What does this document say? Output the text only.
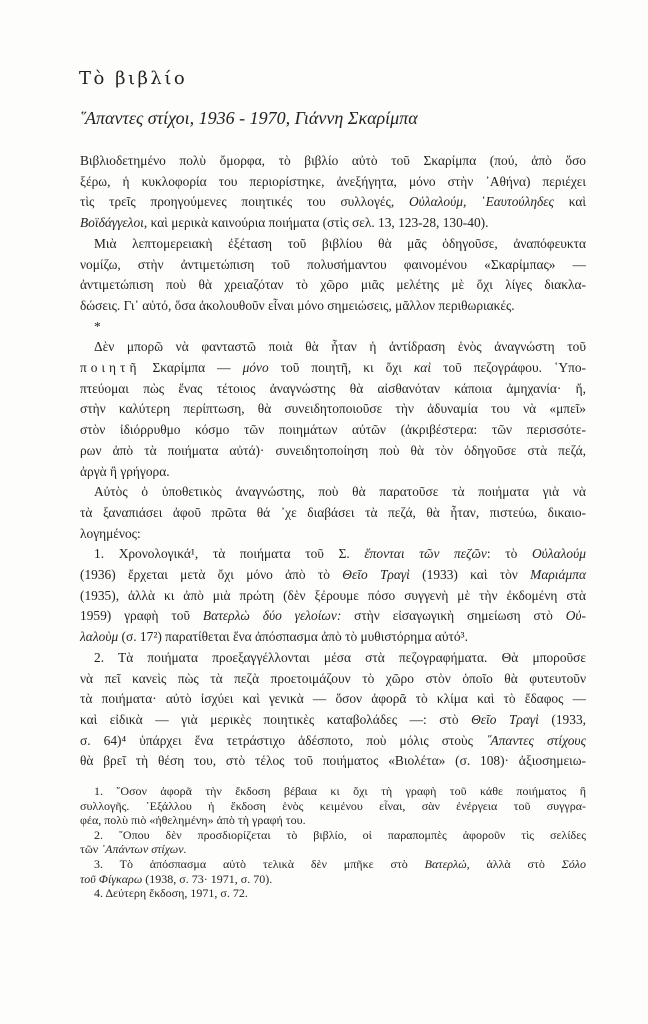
Τὸ βιβλίο
῞Απαντες στίχοι, 1936 - 1970, Γιάννη Σκαρίμπα
Βιβλιοδετημένο πολὺ ὄμορφα, τὸ βιβλίο αὐτὸ τοῦ Σκαρίμπα (πού, ἀπὸ ὅσο
ξέρω, ἡ κυκλοφορία του περιορίστηκε, ἀνεξήγητα, μόνο στὴν ᾿Αθήνα) περιέχει
τὶς τρεῖς προηγούμενες ποιητικές του συλλογές, Οὐλαλούμ, ῾Εαυτούληδες καὶ
Βοϊδάγγελοι, καὶ μερικὰ καινούρια ποιήματα (στὶς σελ. 13, 123-28, 130-40).
Μιὰ λεπτομερειακὴ ἐξέταση τοῦ βιβλίου θὰ μᾶς ὁδηγοῦσε, ἀναπόφευκτα
νομίζω, στὴν ἀντιμετώπιση τοῦ πολυσήμαντου φαινομένου «Σκαρίμπας» —
ἀντιμετώπιση ποὺ θὰ χρειαζόταν τὸ χῶρο μιᾶς μελέτης μὲ ὄχι λίγες διακλα-
δώσεις. Γι᾿ αὐτό, ὅσα ἀκολουθοῦν εἶναι μόνο σημειώσεις, μᾶλλον περιθωριακές.
*
Δὲν μπορῶ νὰ φανταστῶ ποιὰ θὰ ἦταν ἡ ἀντίδραση ἑνὸς ἀναγνώστη τοῦ
ποιητῆ Σκαρίμπα — μόνο τοῦ ποιητῆ, κι ὄχι καὶ τοῦ πεζογράφου. ῾Υπο-
πτεύομαι πὼς ἕνας τέτοιος ἀναγνώστης θὰ αἰσθανόταν κάποια ἀμηχανία· ἤ,
στὴν καλύτερη περίπτωση, θὰ συνειδητοποιοῦσε τὴν ἀδυναμία του νὰ «μπεῖ»
στὸν ἰδιόρρυθμο κόσμο τῶν ποιημάτων αὐτῶν (ἀκριβέστερα: τῶν περισσότε-
ρων ἀπὸ τὰ ποιήματα αὐτά)· συνειδητοποίηση ποὺ θὰ τὸν ὁδηγοῦσε στὰ πεζά,
ἀργὰ ἢ γρήγορα.
Αὐτὸς ὁ ὑποθετικὸς ἀναγνώστης, ποὺ θὰ παρατοῦσε τὰ ποιήματα γιὰ νὰ
τὰ ξαναπιάσει ἀφοῦ πρῶτα θά ᾿χε διαβάσει τὰ πεζά, θὰ ἦταν, πιστεύω, δικαιο-
λογημένος:
1. Χρονολογικά¹, τὰ ποιήματα τοῦ Σ. ἕπονται τῶν πεζῶν: τὸ Οὐλαλούμ
(1936) ἔρχεται μετὰ ὄχι μόνο ἀπὸ τὸ Θεῖο Τραγὶ (1933) καὶ τὸν Μαριάμπα
(1935), ἀλλὰ κι ἀπὸ μιὰ πρώτη (δὲν ξέρουμε πόσο συγγενὴ μὲ τὴν ἐκδομένη στὰ
1959) γραφὴ τοῦ Βατερλὼ δύο γελοίων: στὴν εἰσαγωγικὴ σημείωση στὸ Οὐ-
λαλοὺμ (σ. 17²) παρατίθεται ἕνα ἀπόσπασμα ἀπὸ τὸ μυθιστόρημα αὐτό³.
2. Τὰ ποιήματα προεξαγγέλλονται μέσα στὰ πεζογραφήματα. Θὰ μποροῦσε
νὰ πεῖ κανεὶς πὼς τὰ πεζὰ προετοιμάζουν τὸ χῶρο στὸν ὁποῖο θὰ φυτευτοῦν
τὰ ποιήματα· αὐτὸ ἰσχύει καὶ γενικὰ — ὅσον ἀφορᾶ τὸ κλίμα καὶ τὸ ἔδαφος —
καὶ εἰδικὰ — γιὰ μερικὲς ποιητικὲς καταβολάδες —: στὸ Θεῖο Τραγὶ (1933,
σ. 64)⁴ ὑπάρχει ἕνα τετράστιχο ἀδέσποτο, ποὺ μόλις στοὺς ῞Απαντες στίχους
θὰ βρεῖ τὴ θέση του, στὸ τέλος τοῦ ποιήματος «Βιολέτα» (σ. 108)· ἀξιοσημειω-
1. ῞Οσον ἀφορᾶ τὴν ἔκδοση βέβαια κι ὄχι τὴ γραφὴ τοῦ κάθε ποιήματος ἢ
συλλογῆς. ᾿Εξάλλου ἡ ἔκδοση ἑνὸς κειμένου εἶναι, σὰν ἐνέργεια τοῦ συγγρα-
φέα, πολὺ πιὸ «ἠθελημένη» ἀπὸ τὴ γραφή του.
2. ῞Οπου δὲν προσδιορίζεται τὸ βιβλίο, οἱ παραπομπὲς ἀφοροῦν τὶς σελίδες
τῶν ᾿Απάντων στίχων.
3. Τὸ ἀπόσπασμα αὐτὸ τελικὰ δὲν μπῆκε στὸ Βατερλώ, ἀλλὰ στὸ Σόλο
τοῦ Φίγκαρω (1938, σ. 73· 1971, σ. 70).
4. Δεύτερη ἔκδοση, 1971, σ. 72.
